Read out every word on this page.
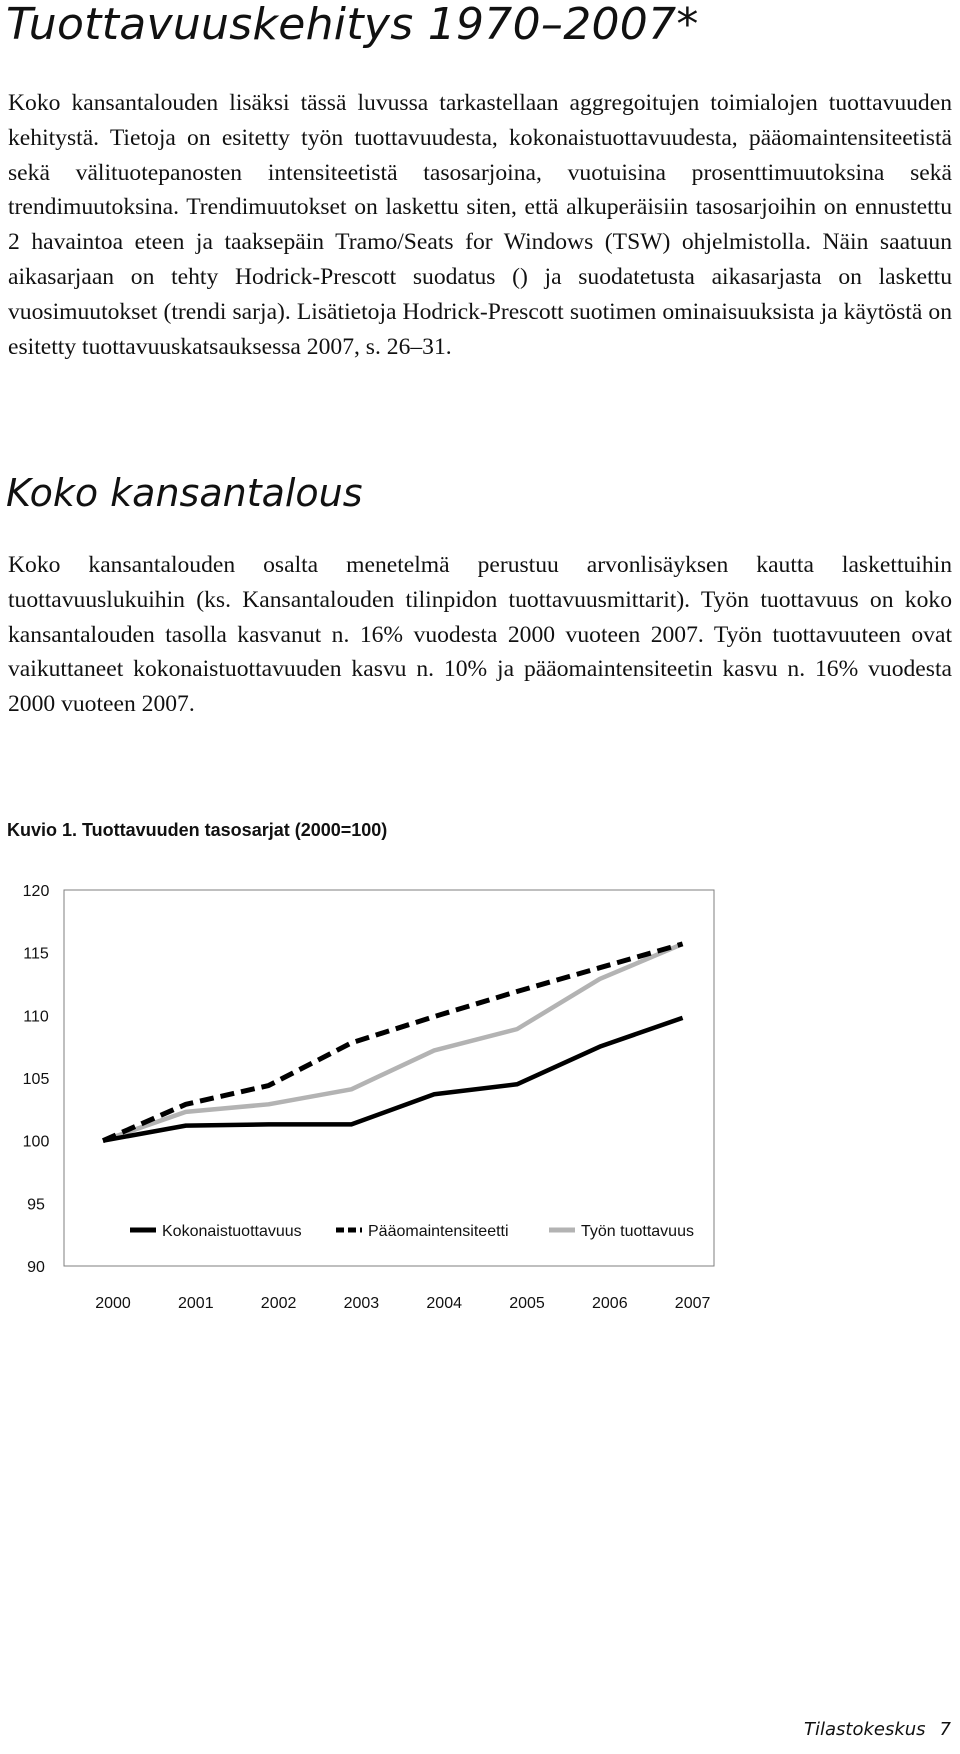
Tuottavuuskehitys 1970–2007*

Koko kansantalouden lisäksi tässä luvussa tarkastellaan aggregoitujen toimialojen tuottavuuden kehitystä. Tietoja on esitetty työn tuottavuudesta, kokonaistuottavuudesta, pääomaintensiteetistä sekä välituotepanosten intensiteetistä tasosarjoina, vuotuisina prosenttimuutoksina sekä trendimuutoksina. Trendimuutokset on laskettu siten, että alkuperäisiin tasosarjoihin on ennustettu 2 havaintoa eteen ja taaksepäin Tramo/Seats for Windows (TSW) ohjelmistolla. Näin saatuun aikasarjaan on tehty Hodrick-Prescott suodatus () ja suodatetusta aikasarjasta on laskettu vuosimuutokset (trendi sarja). Lisätietoja Hodrick-Prescott suotimen ominaisuuksista ja käytöstä on esitetty tuottavuuskatsauksessa 2007, s. 26–31.

Koko kansantalous

Koko kansantalouden osalta menetelmä perustuu arvonlisäyksen kautta laskettuihin tuottavuuslukuihin (ks. Kansantalouden tilinpidon tuottavuusmittarit). Työn tuottavuus on koko kansantalouden tasolla kasvanut n. 16% vuodesta 2000 vuoteen 2007. Työn tuottavuuteen ovat vaikuttaneet kokonaistuottavuuden kasvu n. 10% ja pääomaintensiteetin kasvu n. 16% vuodesta 2000 vuoteen 2007.

Kuvio 1. Tuottavuuden tasosarjat (2000=100)
90
95
100
105
110
115
120
2000	2001	2002	2003	2004	2005	2006	2007
Kokonaistuottavuus	Pääomaintensiteetti	Työn tuottavuus
Tilastokeskus 7
